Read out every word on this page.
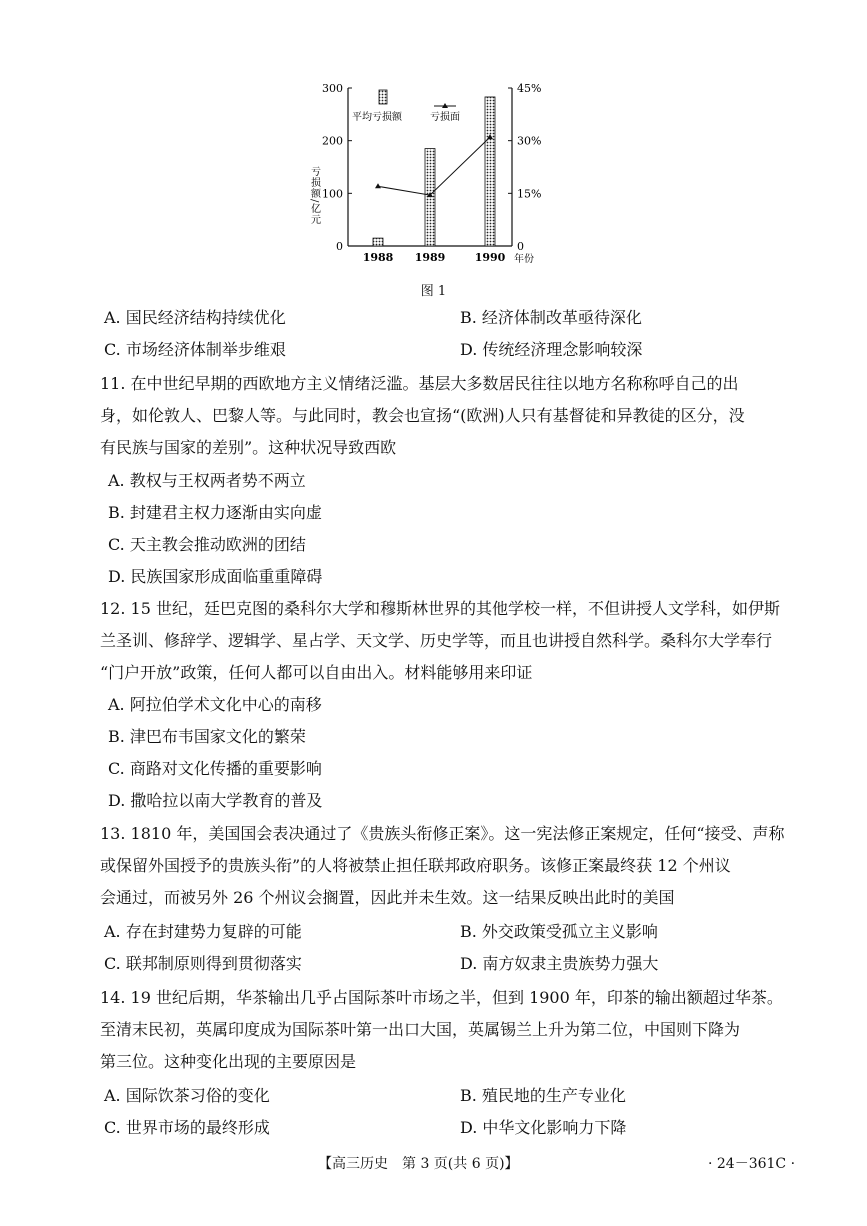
0
100
200
300
0
15%
30%
45%
亏损额/亿元
1988 1989	1990 年份
平均亏损额	亏损面
图 1
A. 国民经济结构持续优化	B. 经济体制改革亟待深化
C. 市场经济体制举步维艰	D. 传统经济理念影响较深
11. 在中世纪早期的西欧地方主义情绪泛滥。基层大多数居民往往以地方名称称呼自己的出
身，如伦敦人、巴黎人等。与此同时，教会也宣扬“(欧洲)人只有基督徒和异教徒的区分，没
有民族与国家的差别”。这种状况导致西欧
A. 教权与王权两者势不两立
B. 封建君主权力逐渐由实向虚
C. 天主教会推动欧洲的团结
D. 民族国家形成面临重重障碍
12. 15 世纪，廷巴克图的桑科尔大学和穆斯林世界的其他学校一样，不但讲授人文学科，如伊斯
兰圣训、修辞学、逻辑学、星占学、天文学、历史学等，而且也讲授自然科学。桑科尔大学奉行
“门户开放”政策，任何人都可以自由出入。材料能够用来印证
A. 阿拉伯学术文化中心的南移
B. 津巴布韦国家文化的繁荣
C. 商路对文化传播的重要影响
D. 撒哈拉以南大学教育的普及
13. 1810 年，美国国会表决通过了《贵族头衔修正案》。这一宪法修正案规定，任何“接受、声称
或保留外国授予的贵族头衔”的人将被禁止担任联邦政府职务。该修正案最终获 12 个州议
会通过，而被另外 26 个州议会搁置，因此并未生效。这一结果反映出此时的美国
A. 存在封建势力复辟的可能	B. 外交政策受孤立主义影响
C. 联邦制原则得到贯彻落实	D. 南方奴隶主贵族势力强大
14. 19 世纪后期，华茶输出几乎占国际茶叶市场之半，但到 1900 年，印茶的输出额超过华茶。
至清末民初，英属印度成为国际茶叶第一出口大国，英属锡兰上升为第二位，中国则下降为
第三位。这种变化出现的主要原因是
A. 国际饮茶习俗的变化	B. 殖民地的生产专业化
C. 世界市场的最终形成	D. 中华文化影响力下降
【高三历史　第 3 页(共 6 页)】	· 24－361C ·
